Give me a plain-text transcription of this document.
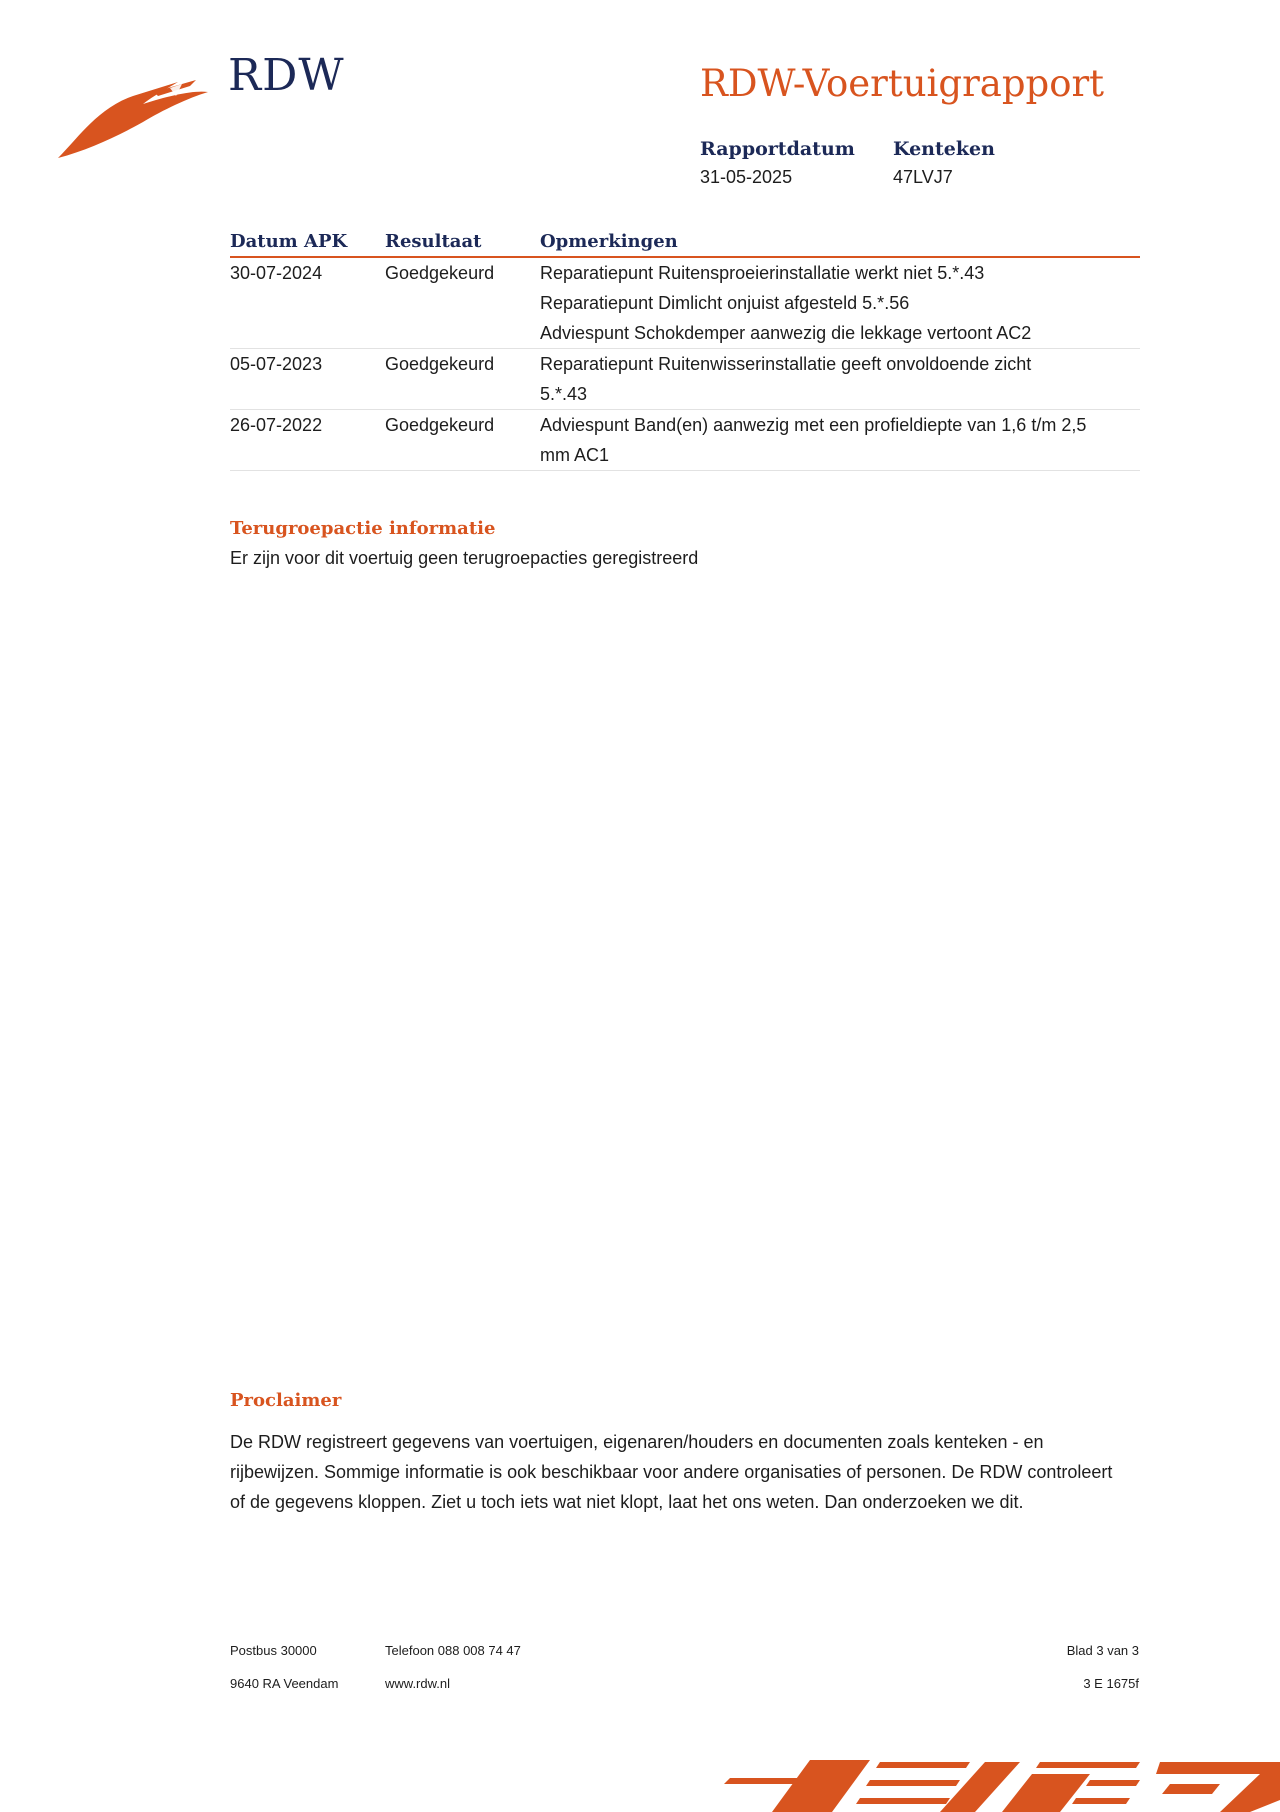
RDW	RDW-Voertuigrapport
Rapportdatum
31-05-2025
Kenteken
47LVJ7
Datum APK	Resultaat	Opmerkingen
30-07-2024	Goedgekeurd	Reparatiepunt Ruitensproeierinstallatie werkt niet 5.*.43
Reparatiepunt Dimlicht onjuist afgesteld 5.*.56
Adviespunt Schokdemper aanwezig die lekkage vertoont AC2

05-07-2023	Goedgekeurd	Reparatiepunt Ruitenwisserinstallatie geeft onvoldoende zicht 5.*.43

26-07-2022	Goedgekeurd	Adviespunt Band(en) aanwezig met een profieldiepte van 1,6 t/m 2,5 mm AC1
Terugroepactie informatie
Er zijn voor dit voertuig geen terugroepacties geregistreerd
Proclaimer
De RDW registreert gegevens van voertuigen, eigenaren/houders en documenten zoals kenteken - en rijbewijzen. Sommige informatie is ook beschikbaar voor andere organisaties of personen. De RDW controleert of de gegevens kloppen. Ziet u toch iets wat niet klopt, laat het ons weten. Dan onderzoeken we dit.
Postbus 30000
9640 RA Veendam
Telefoon 088 008 74 47
www.rdw.nl
Blad 3 van 3
3 E 1675f
